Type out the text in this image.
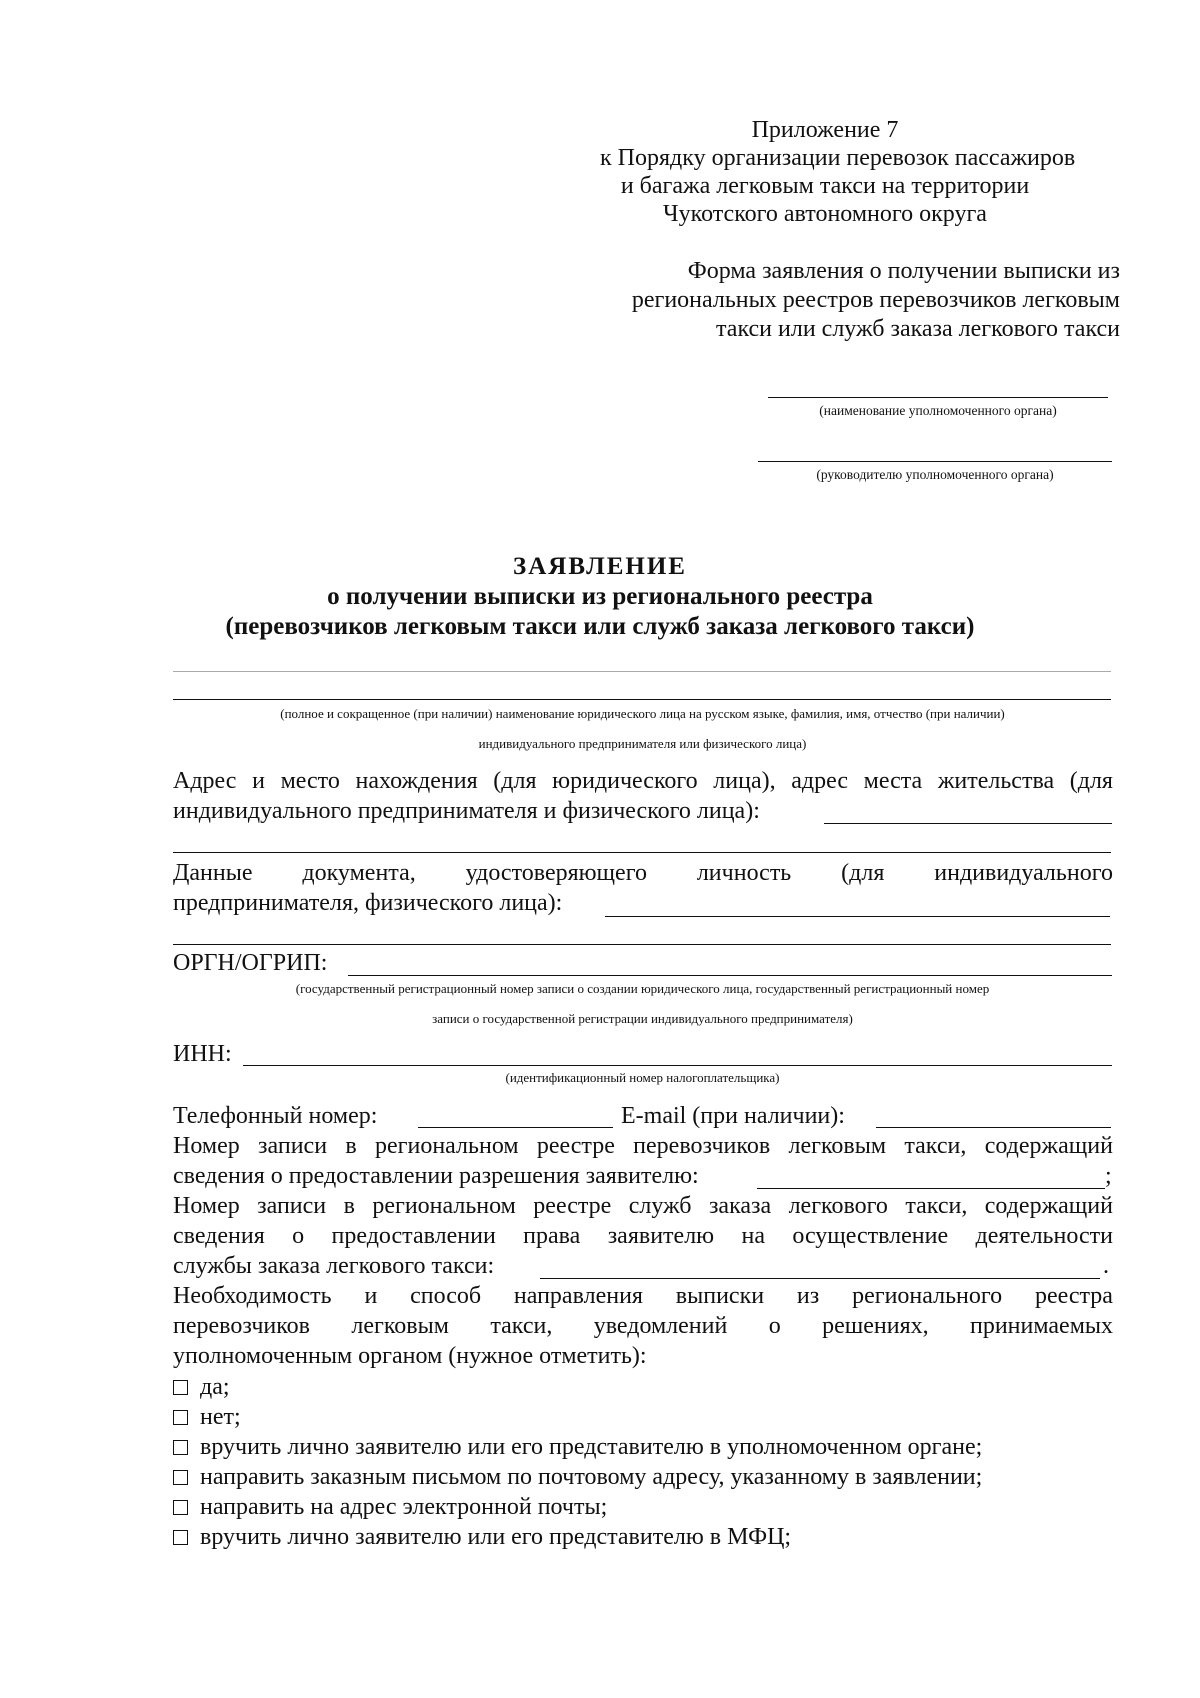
Приложение 7
к Порядку организации перевозок пассажиров
и багажа легковым такси на территории
Чукотского автономного округа
Форма заявления о получении выписки из
региональных реестров перевозчиков легковым
такси или служб заказа легкового такси
(наименование уполномоченного органа)
(руководителю уполномоченного органа)
ЗАЯВЛЕНИЕ
о получении выписки из регионального реестра
(перевозчиков легковым такси или служб заказа легкового такси)
(полное и сокращенное (при наличии) наименование юридического лица на русском языке, фамилия, имя, отчество (при наличии)
индивидуального предпринимателя или физического лица)
Адрес и место нахождения (для юридического лица), адрес места жительства (для
индивидуального предпринимателя и физического лица):
Данные документа, удостоверяющего личность (для индивидуального
предпринимателя, физического лица):
ОРГН/ОГРИП:
(государственный регистрационный номер записи о создании юридического лица, государственный регистрационный номер
записи о государственной регистрации индивидуального предпринимателя)
ИНН:
(идентификационный номер налогоплательщика)
Телефонный номер:	E-mail (при наличии):
Номер записи в региональном реестре перевозчиков легковым такси, содержащий
сведения о предоставлении разрешения заявителю:	;
Номер записи в региональном реестре служб заказа легкового такси, содержащий
сведения о предоставлении права заявителю на осуществление деятельности
службы заказа легкового такси:	.
Необходимость и способ направления выписки из регионального реестра
перевозчиков легковым такси, уведомлений о решениях, принимаемых
уполномоченным органом (нужное отметить):
да;
нет;
вручить лично заявителю или его представителю в уполномоченном органе;
направить заказным письмом по почтовому адресу, указанному в заявлении;
направить на адрес электронной почты;
вручить лично заявителю или его представителю в МФЦ;
